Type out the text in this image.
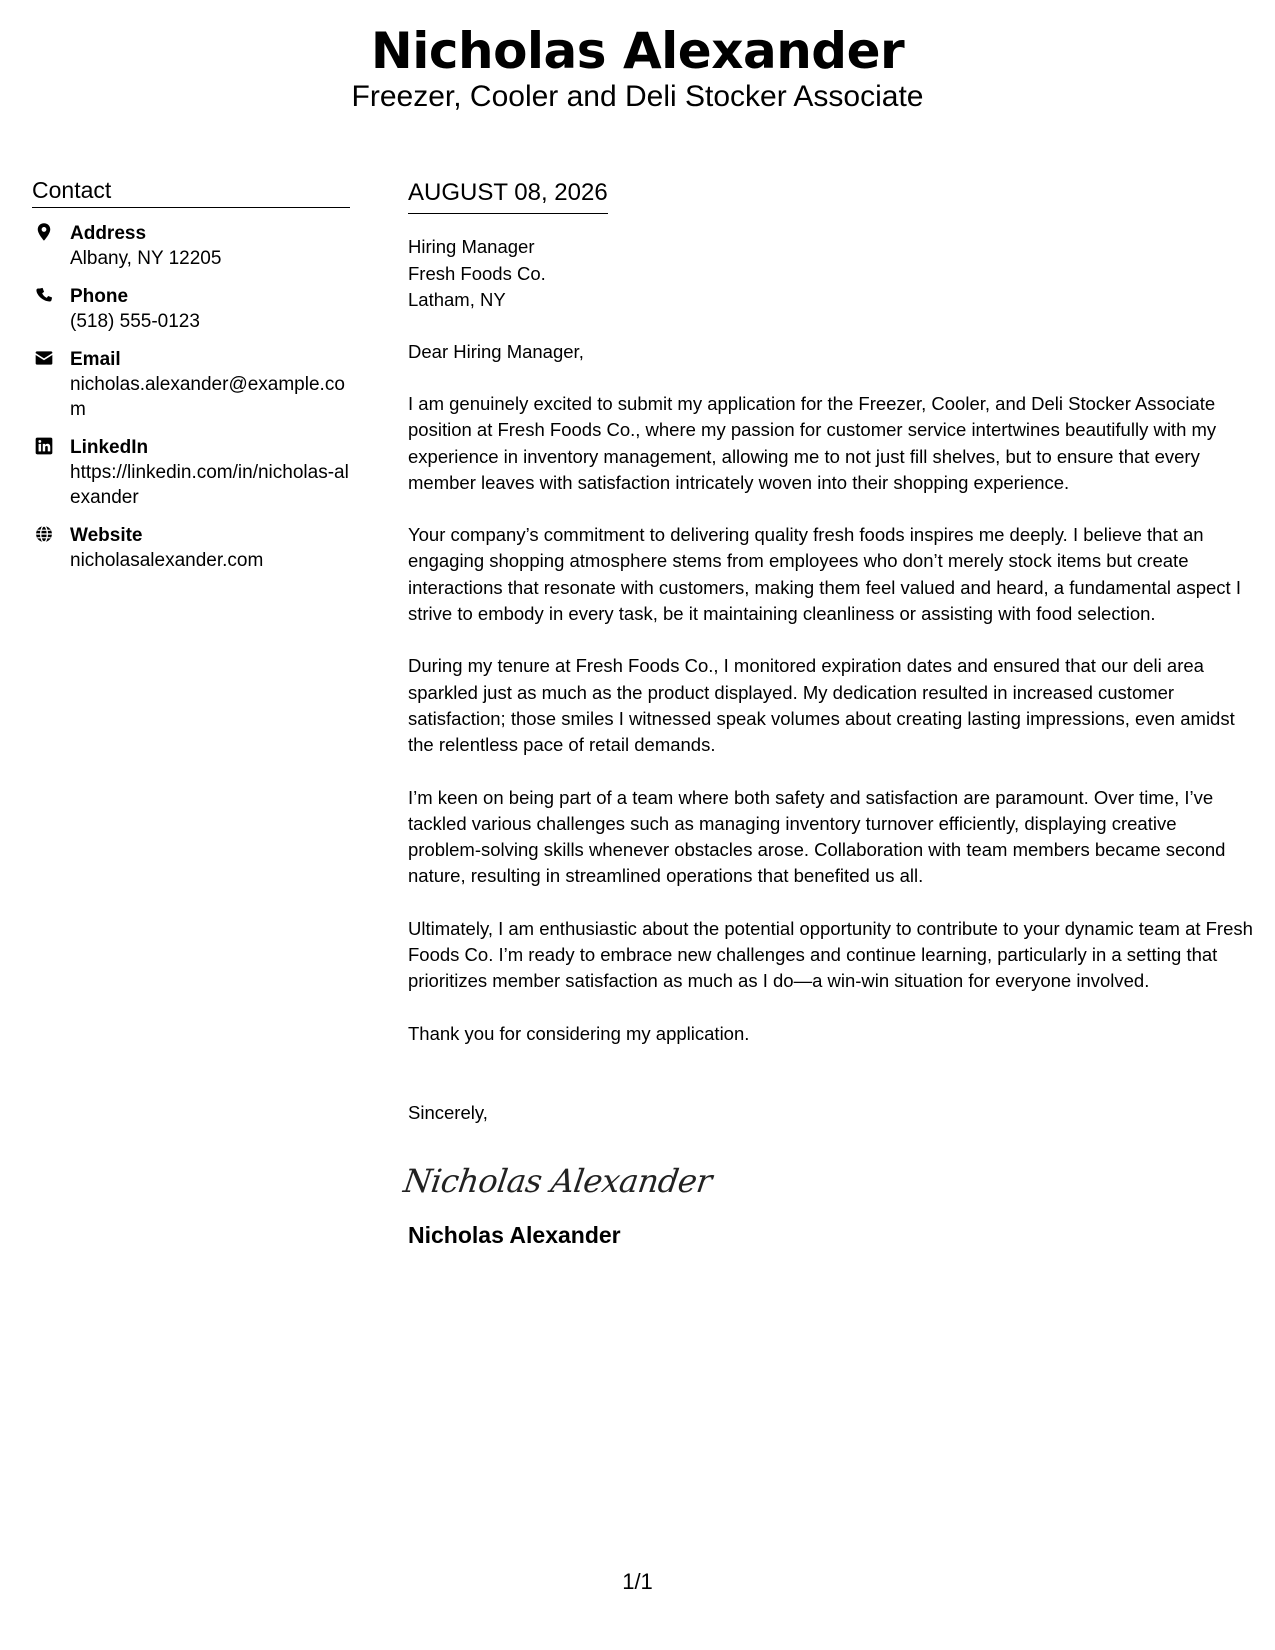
Nicholas Alexander
Freezer, Cooler and Deli Stocker Associate
Contact
Address
Albany, NY 12205
Phone
(518) 555-0123
Email
nicholas.alexander@example.com
LinkedIn
https://linkedin.com/in/nicholas-alexander
Website
nicholasalexander.com
AUGUST 08, 2026
Hiring Manager
Fresh Foods Co.
Latham, NY
Dear Hiring Manager,
I am genuinely excited to submit my application for the Freezer, Cooler, and Deli Stocker Associate position at Fresh Foods Co., where my passion for customer service intertwines beautifully with my experience in inventory management, allowing me to not just fill shelves, but to ensure that every member leaves with satisfaction intricately woven into their shopping experience.
Your company’s commitment to delivering quality fresh foods inspires me deeply. I believe that an engaging shopping atmosphere stems from employees who don’t merely stock items but create interactions that resonate with customers, making them feel valued and heard, a fundamental aspect I strive to embody in every task, be it maintaining cleanliness or assisting with food selection.
During my tenure at Fresh Foods Co., I monitored expiration dates and ensured that our deli area sparkled just as much as the product displayed. My dedication resulted in increased customer satisfaction; those smiles I witnessed speak volumes about creating lasting impressions, even amidst the relentless pace of retail demands.
I’m keen on being part of a team where both safety and satisfaction are paramount. Over time, I’ve tackled various challenges such as managing inventory turnover efficiently, displaying creative problem-solving skills whenever obstacles arose. Collaboration with team members became second nature, resulting in streamlined operations that benefited us all.
Ultimately, I am enthusiastic about the potential opportunity to contribute to your dynamic team at Fresh Foods Co. I’m ready to embrace new challenges and continue learning, particularly in a setting that prioritizes member satisfaction as much as I do—a win-win situation for everyone involved.
Thank you for considering my application.
Sincerely,
Nicholas Alexander
Nicholas Alexander
1/1
